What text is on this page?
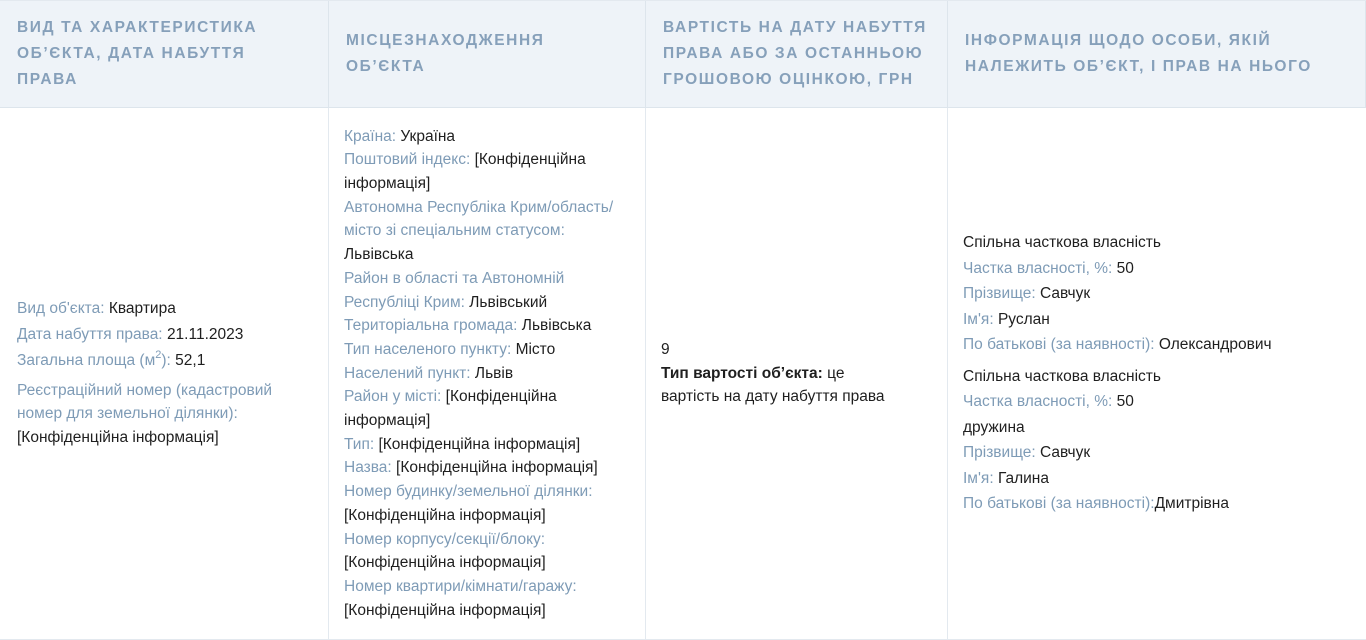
ВИД ТА ХАРАКТЕРИСТИКА ОБ’ЄКТА, ДАТА НАБУТТЯ ПРАВА
МІСЦЕЗНАХОДЖЕННЯ ОБ’ЄКТА
ВАРТІСТЬ НА ДАТУ НАБУТТЯ ПРАВА АБО ЗА ОСТАННЬОЮ ГРОШОВОЮ ОЦІНКОЮ, ГРН
ІНФОРМАЦІЯ ЩОДО ОСОБИ, ЯКІЙ НАЛЕЖИТЬ ОБ’ЄКТ, І ПРАВ НА НЬОГО
Вид об'єкта: Квартира
Дата набуття права: 21.11.2023
Загальна площа $(м^2)$: 52,1
Реєстраційний номер (кадастровий номер для земельної ділянки): [Конфіденційна інформація]
Країна: Україна
Поштовий індекс: [Конфіденційна інформація]
Автономна Республіка Крим/область/ місто зі спеціальним статусом: Львівська
Район в області та Автономній Республіці Крим: Львівський
Територіальна громада: Львівська
Тип населеного пункту: Місто
Населений пункт: Львів
Район у місті: [Конфіденційна інформація]
Тип: [Конфіденційна інформація]
Назва: [Конфіденційна інформація]
Номер будинку/земельної ділянки: [Конфіденційна інформація]
Номер корпусу/секції/блоку: [Конфіденційна інформація]
Номер квартири/кімнати/гаражу: [Конфіденційна інформація]
9
Тип вартості об’єкта: це вартість на дату набуття права
Спільна часткова власність
Частка власності, %: 50
Прізвище: Савчук
Ім'я: Руслан
По батькові (за наявності): Олександрович
Спільна часткова власність
Частка власності, %: 50
дружина
Прізвище: Савчук
Ім'я: Галина
По батькові (за наявності):Дмитрівна
